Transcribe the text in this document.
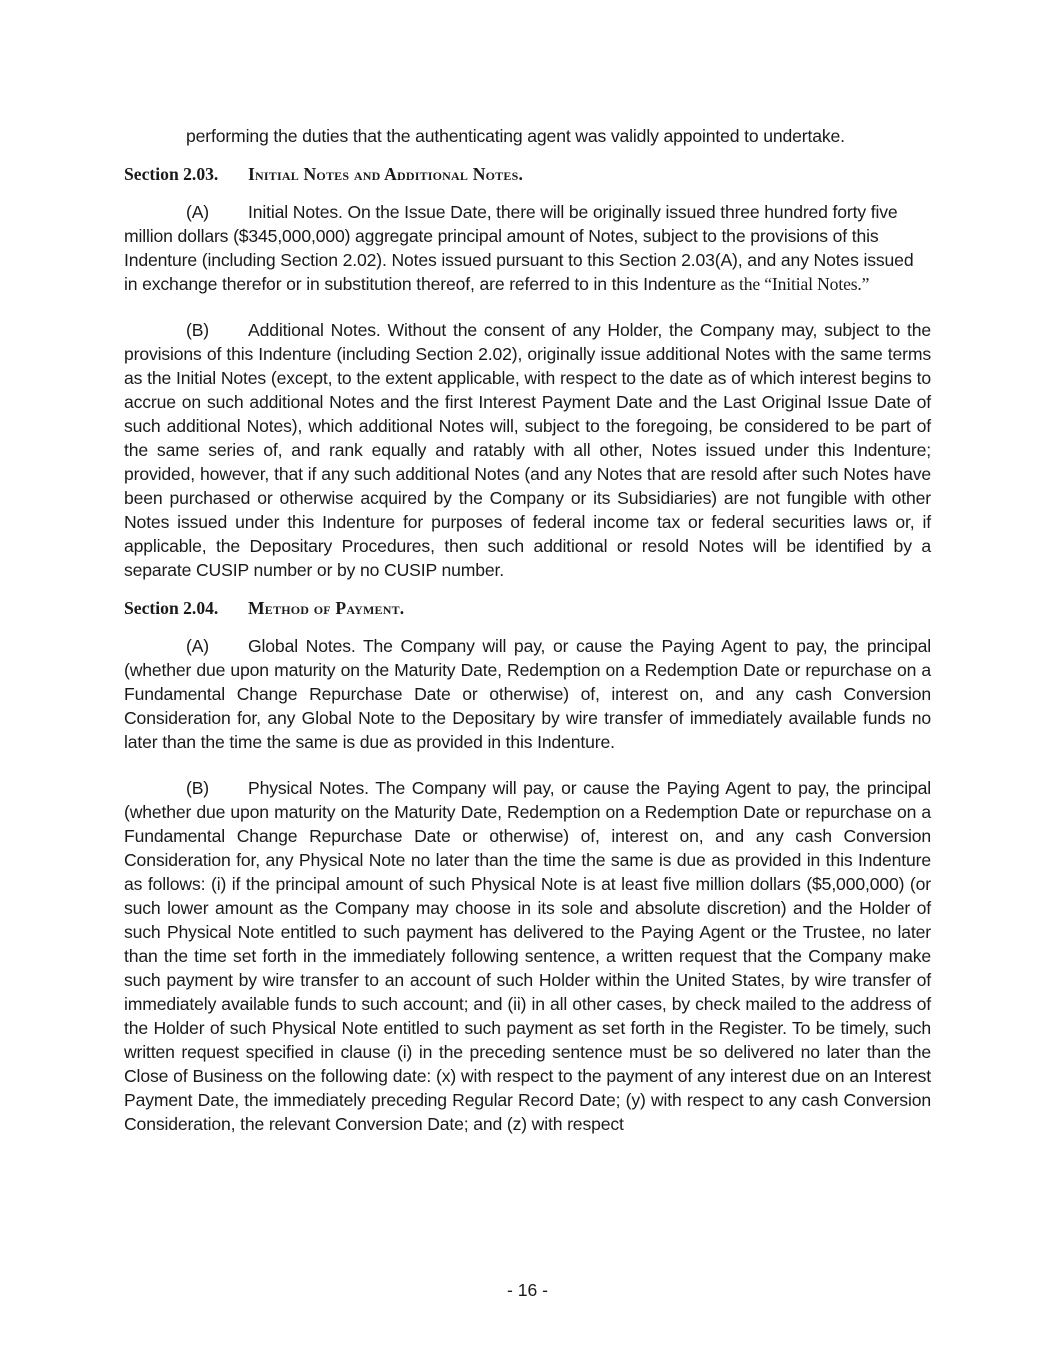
performing the duties that the authenticating agent was validly appointed to undertake.

Section 2.03. Initial Notes and Additional Notes.

(A) Initial Notes. On the Issue Date, there will be originally issued three hundred forty five million dollars ($345,000,000) aggregate principal amount of Notes, subject to the provisions of this Indenture (including Section 2.02). Notes issued pursuant to this Section 2.03(A), and any Notes issued in exchange therefor or in substitution thereof, are referred to in this Indenture as the “Initial Notes.”

(B) Additional Notes. Without the consent of any Holder, the Company may, subject to the provisions of this Indenture (including Section 2.02), originally issue additional Notes with the same terms as the Initial Notes (except, to the extent applicable, with respect to the date as of which interest begins to accrue on such additional Notes and the first Interest Payment Date and the Last Original Issue Date of such additional Notes), which additional Notes will, subject to the foregoing, be considered to be part of the same series of, and rank equally and ratably with all other, Notes issued under this Indenture; provided, however, that if any such additional Notes (and any Notes that are resold after such Notes have been purchased or otherwise acquired by the Company or its Subsidiaries) are not fungible with other Notes issued under this Indenture for purposes of federal income tax or federal securities laws or, if applicable, the Depositary Procedures, then such additional or resold Notes will be identified by a separate CUSIP number or by no CUSIP number.

Section 2.04. Method of Payment.

(A) Global Notes. The Company will pay, or cause the Paying Agent to pay, the principal (whether due upon maturity on the Maturity Date, Redemption on a Redemption Date or repurchase on a Fundamental Change Repurchase Date or otherwise) of, interest on, and any cash Conversion Consideration for, any Global Note to the Depositary by wire transfer of immediately available funds no later than the time the same is due as provided in this Indenture.

(B) Physical Notes. The Company will pay, or cause the Paying Agent to pay, the principal (whether due upon maturity on the Maturity Date, Redemption on a Redemption Date or repurchase on a Fundamental Change Repurchase Date or otherwise) of, interest on, and any cash Conversion Consideration for, any Physical Note no later than the time the same is due as provided in this Indenture as follows: (i) if the principal amount of such Physical Note is at least five million dollars ($5,000,000) (or such lower amount as the Company may choose in its sole and absolute discretion) and the Holder of such Physical Note entitled to such payment has delivered to the Paying Agent or the Trustee, no later than the time set forth in the immediately following sentence, a written request that the Company make such payment by wire transfer to an account of such Holder within the United States, by wire transfer of immediately available funds to such account; and (ii) in all other cases, by check mailed to the address of the Holder of such Physical Note entitled to such payment as set forth in the Register. To be timely, such written request specified in clause (i) in the preceding sentence must be so delivered no later than the Close of Business on the following date: (x) with respect to the payment of any interest due on an Interest Payment Date, the immediately preceding Regular Record Date; (y) with respect to any cash Conversion Consideration, the relevant Conversion Date; and (z) with respect

- 16 -
